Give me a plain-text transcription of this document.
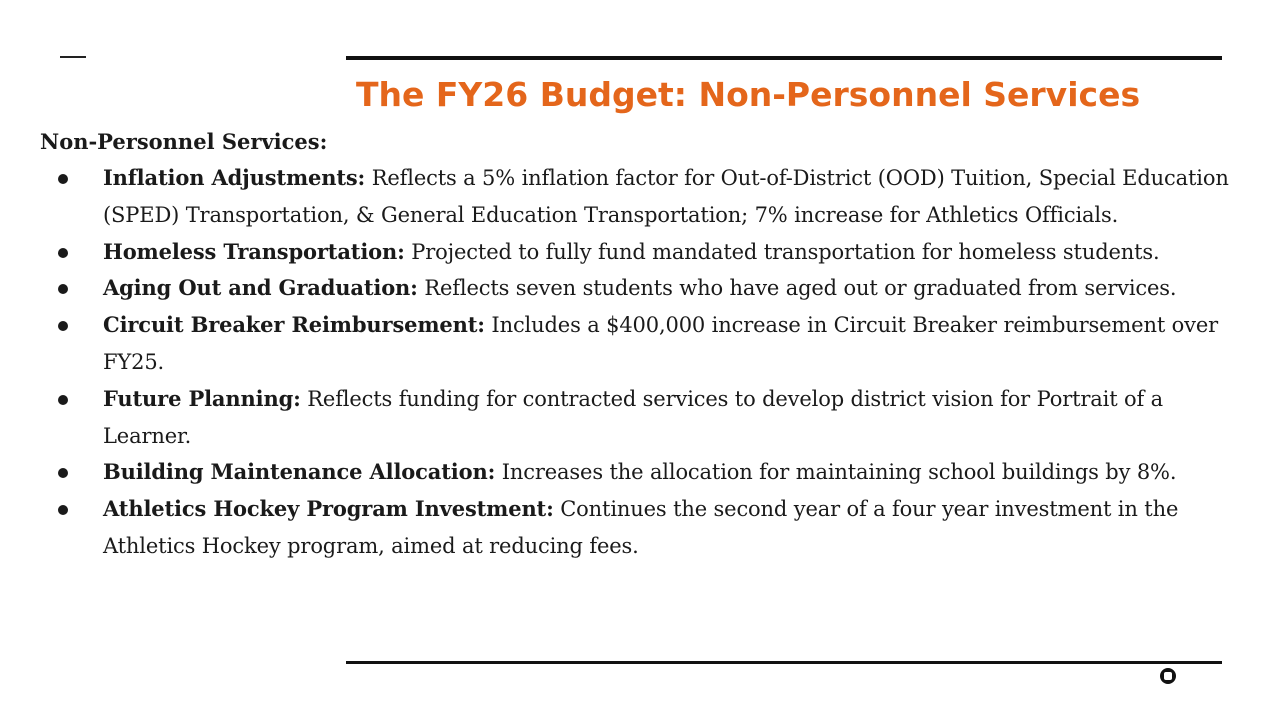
The FY26 Budget: Non-Personnel Services
Non-Personnel Services:
Inflation Adjustments: Reflects a 5% inflation factor for Out-of-District (OOD) Tuition, Special Education (SPED) Transportation, & General Education Transportation; 7% increase for Athletics Officials.
Homeless Transportation: Projected to fully fund mandated transportation for homeless students.
Aging Out and Graduation: Reflects seven students who have aged out or graduated from services.
Circuit Breaker Reimbursement: Includes a $400,000 increase in Circuit Breaker reimbursement over FY25.
Future Planning: Reflects funding for contracted services to develop district vision for Portrait of a Learner.
Building Maintenance Allocation: Increases the allocation for maintaining school buildings by 8%.
Athletics Hockey Program Investment: Continues the second year of a four year investment in the Athletics Hockey program, aimed at reducing fees.
